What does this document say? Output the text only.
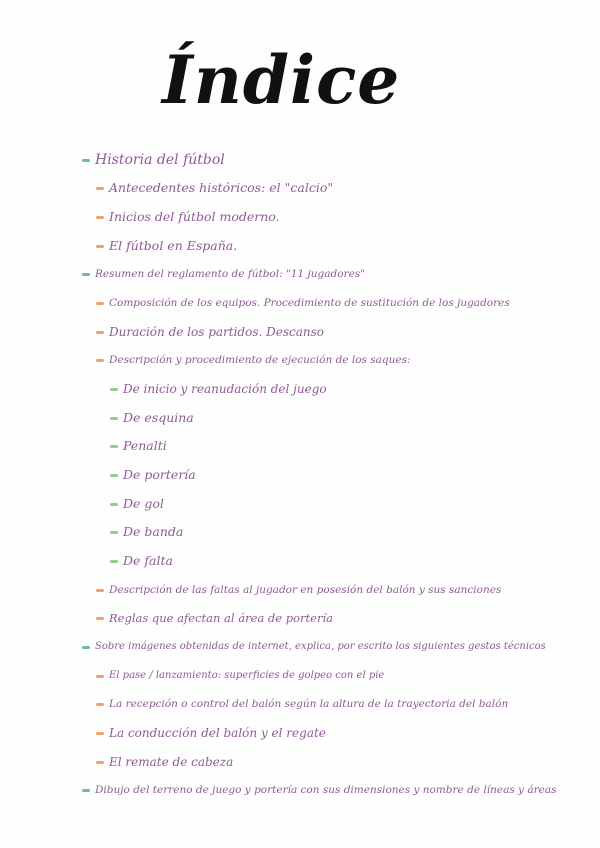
Índice
Historia del fútbol
Antecedentes históricos: el "calcio"
Inicios del fútbol moderno.
El fútbol en España.
Resumen del reglamento de fútbol: "11 jugadores"
Composición de los equipos. Procedimiento de sustitución de los jugadores
Duración de los partidos. Descanso
Descripción y procedimiento de ejecución de los saques:
De inicio y reanudación del juego
De esquina
Penalti
De portería
De gol
De banda
De falta
Descripción de las faltas al jugador en posesión del balón y sus sanciones
Reglas que afectan al área de portería
Sobre imágenes obtenidas de internet, explica, por escrito los siguientes gestos técnicos
El pase / lanzamiento: superficies de golpeo con el pie
La recepción o control del balón según la altura de la trayectoria del balón
La conducción del balón y el regate
El remate de cabeza
Dibujo del terreno de juego y portería con sus dimensiones y nombre de líneas y áreas
